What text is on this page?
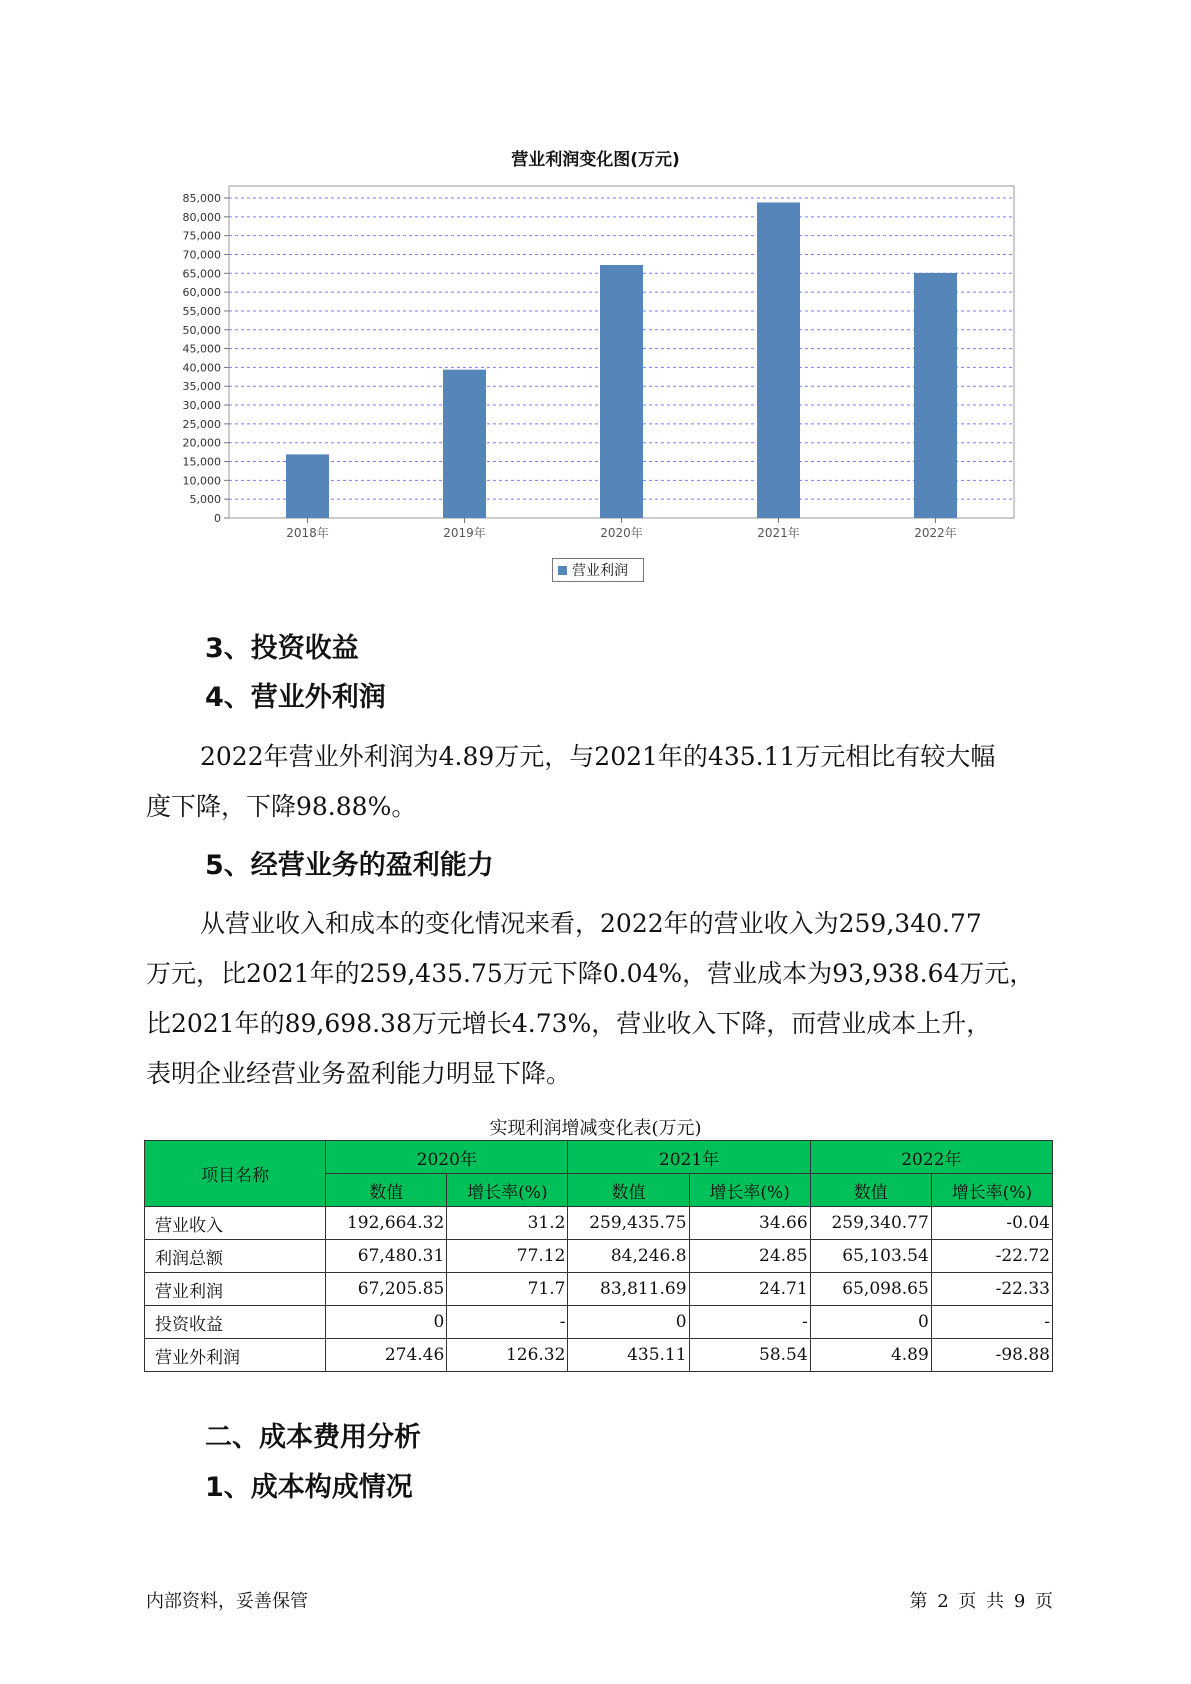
营业利润变化图(万元)
0
5,000
10,000
15,000
20,000
25,000
30,000
35,000
40,000
45,000
50,000
55,000
60,000
65,000
70,000
75,000
80,000
85,000
2018年	2019年	2020年	2021年	2022年
营业利润
3、投资收益
4、营业外利润

2022年营业外利润为4.89万元，与2021年的435.11万元相比有较大幅
度下降，下降98.88%。

5、经营业务的盈利能力

从营业收入和成本的变化情况来看，2022年的营业收入为259,340.77
万元，比2021年的259,435.75万元下降0.04%，营业成本为93,938.64万元，
比2021年的89,698.38万元增长4.73%，营业收入下降，而营业成本上升，
表明企业经营业务盈利能力明显下降。

实现利润增减变化表(万元)
项目名称	2020年		2021年		2022年	
	数值	增长率(%)	数值	增长率(%)	数值	增长率(%)
营业收入	192,664.32	31.2	259,435.75	34.66	259,340.77	-0.04
利润总额	67,480.31	77.12	84,246.8	24.85	65,103.54	-22.72
营业利润	67,205.85	71.7	83,811.69	24.71	65,098.65	-22.33
投资收益	0	-	0	-	0	-
营业外利润	274.46	126.32	435.11	58.54	4.89	-98.88
二、成本费用分析
1、成本构成情况
内部资料，妥善保管	第 2 页 共 9 页
